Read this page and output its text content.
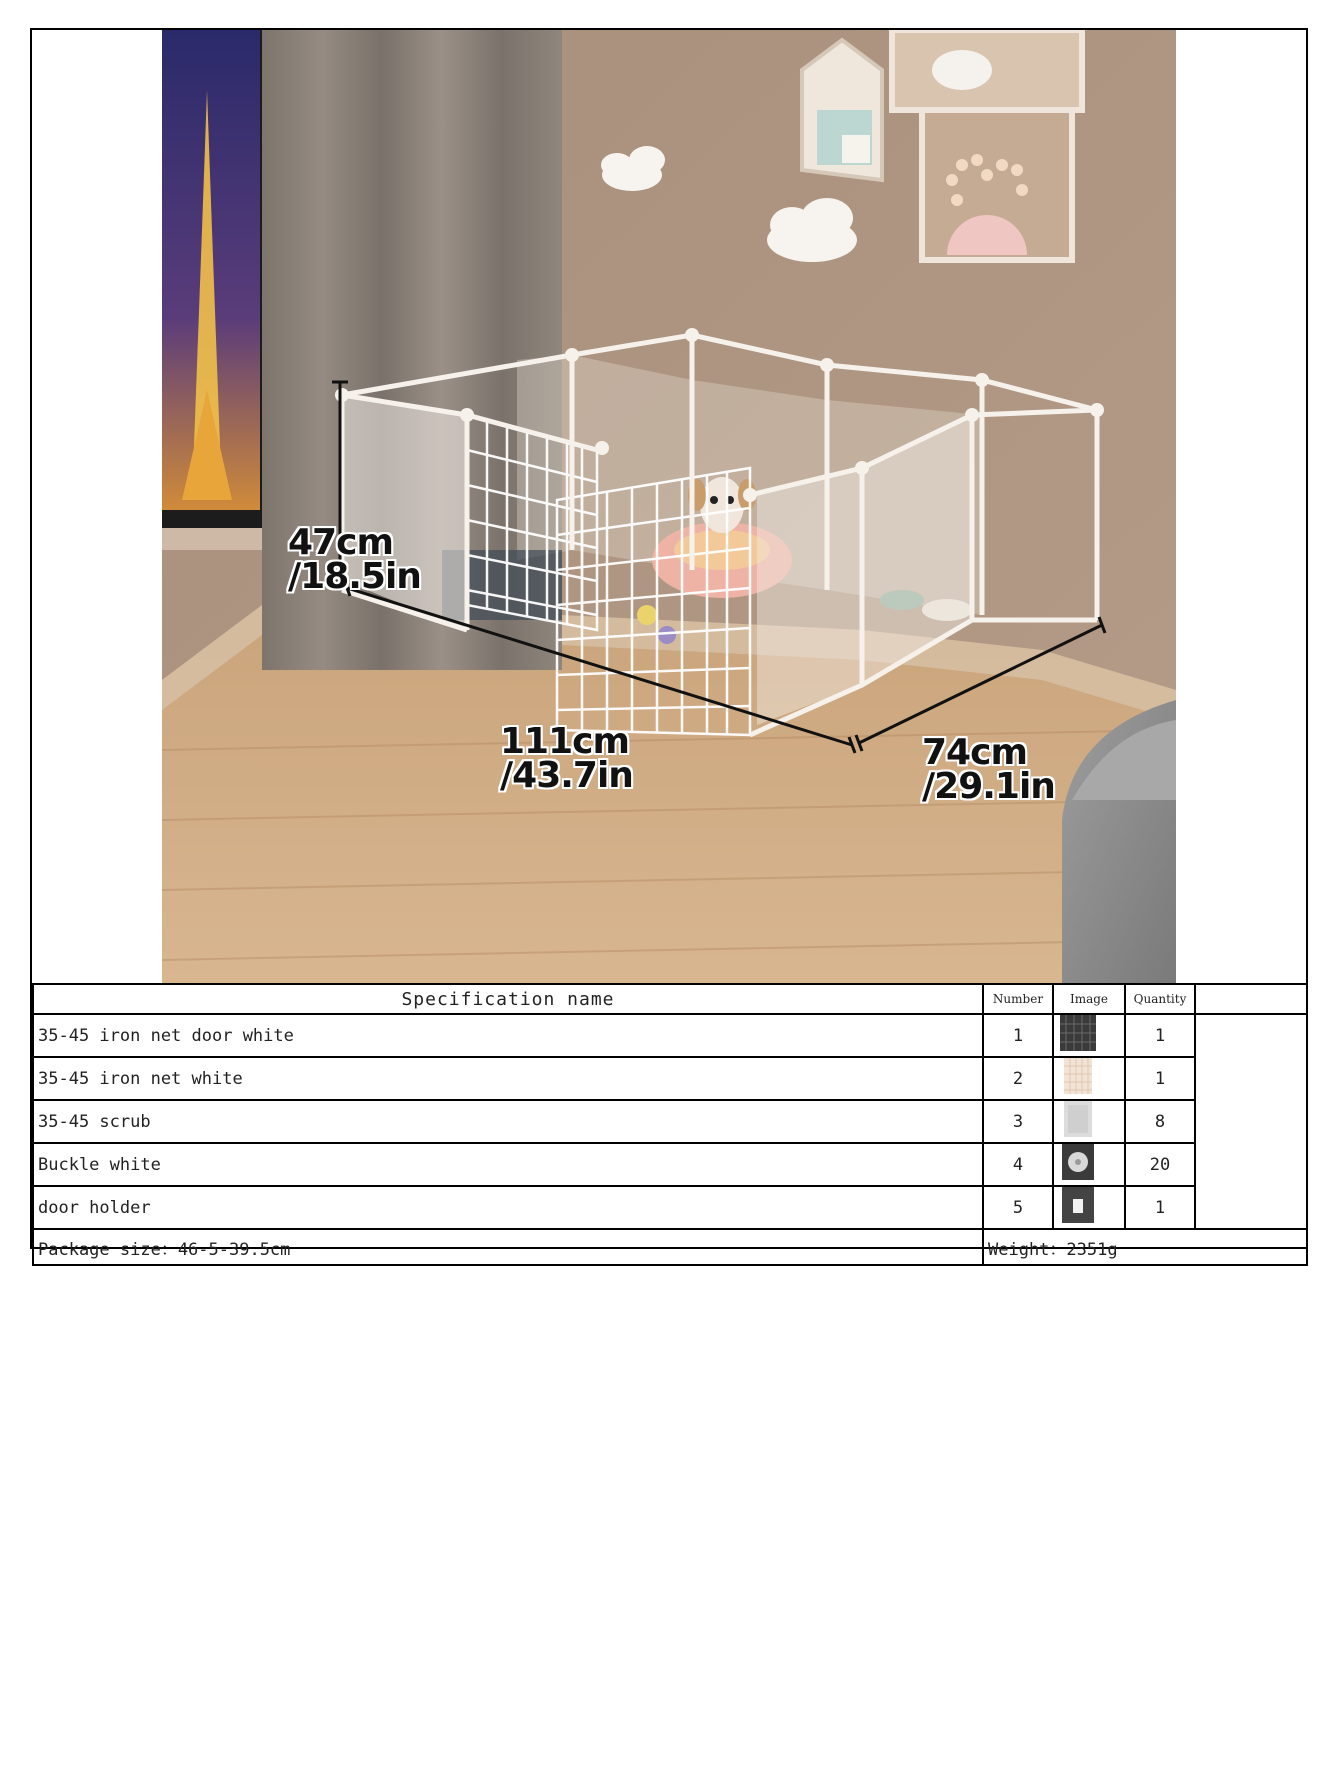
47cm
/18.5in
111cm
/43.7in
74cm
/29.1in
Specification name	Number	Image	Quantity	
35-45 iron net door white	1		1	
35-45 iron net white	2		1	
35-45 scrub	3		8	
Buckle white	4		20	
door holder	5		1	
Package size：46-5-39.5cm	Weight：2351g			
